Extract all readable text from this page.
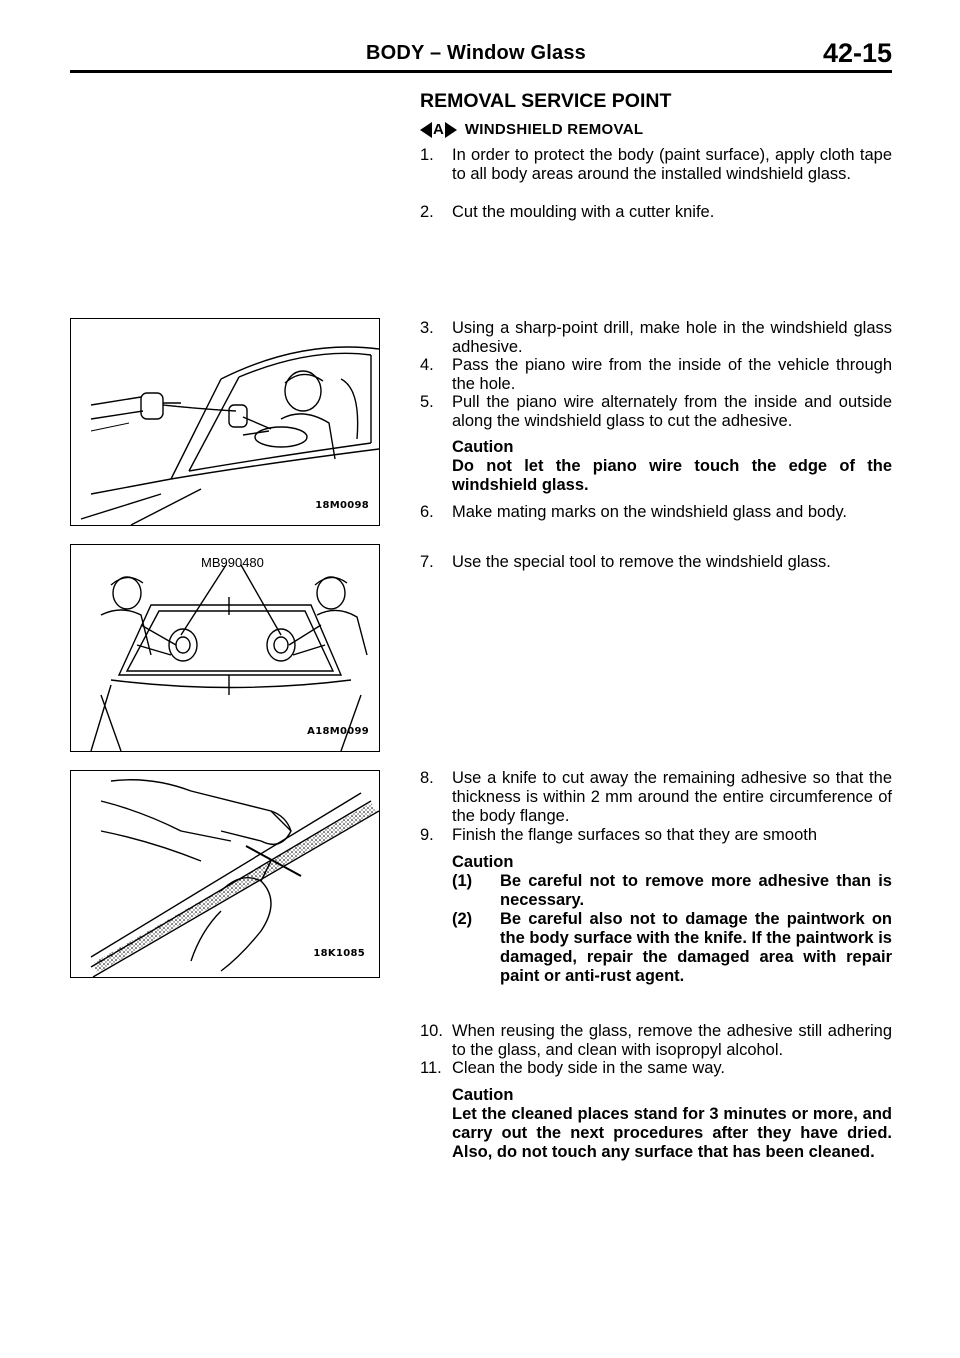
BODY – Window Glass	42-15
REMOVAL SERVICE POINT
A WINDSHIELD REMOVAL
1.	In order to protect the body (paint surface), apply cloth tape to all body areas around the installed windshield glass.
2.	Cut the moulding with a cutter knife.
3.	Using a sharp-point drill, make hole in the windshield glass adhesive.
4.	Pass the piano wire from the inside of the vehicle through the hole.
5.	Pull the piano wire alternately from the inside and outside along the windshield glass to cut the adhesive.
Caution
Do not let the piano wire touch the edge of the windshield glass.
6.	Make mating marks on the windshield glass and body.
7.	Use the special tool to remove the windshield glass.
8.	Use a knife to cut away the remaining adhesive so that the thickness is within 2 mm around the entire circumference of the body flange.
9.	Finish the flange surfaces so that they are smooth
Caution
(1) Be careful not to remove more adhesive than is necessary.
(2) Be careful also not to damage the paintwork on the body surface with the knife. If the paintwork is damaged, repair the damaged area with repair paint or anti-rust agent.
10. When reusing the glass, remove the adhesive still adhering to the glass, and clean with isopropyl alcohol.
11. Clean the body side in the same way.
Caution
Let the cleaned places stand for 3 minutes or more, and carry out the next procedures after they have dried. Also, do not touch any surface that has been cleaned.
18M0098
MB990480
A18M0099
18K1085
